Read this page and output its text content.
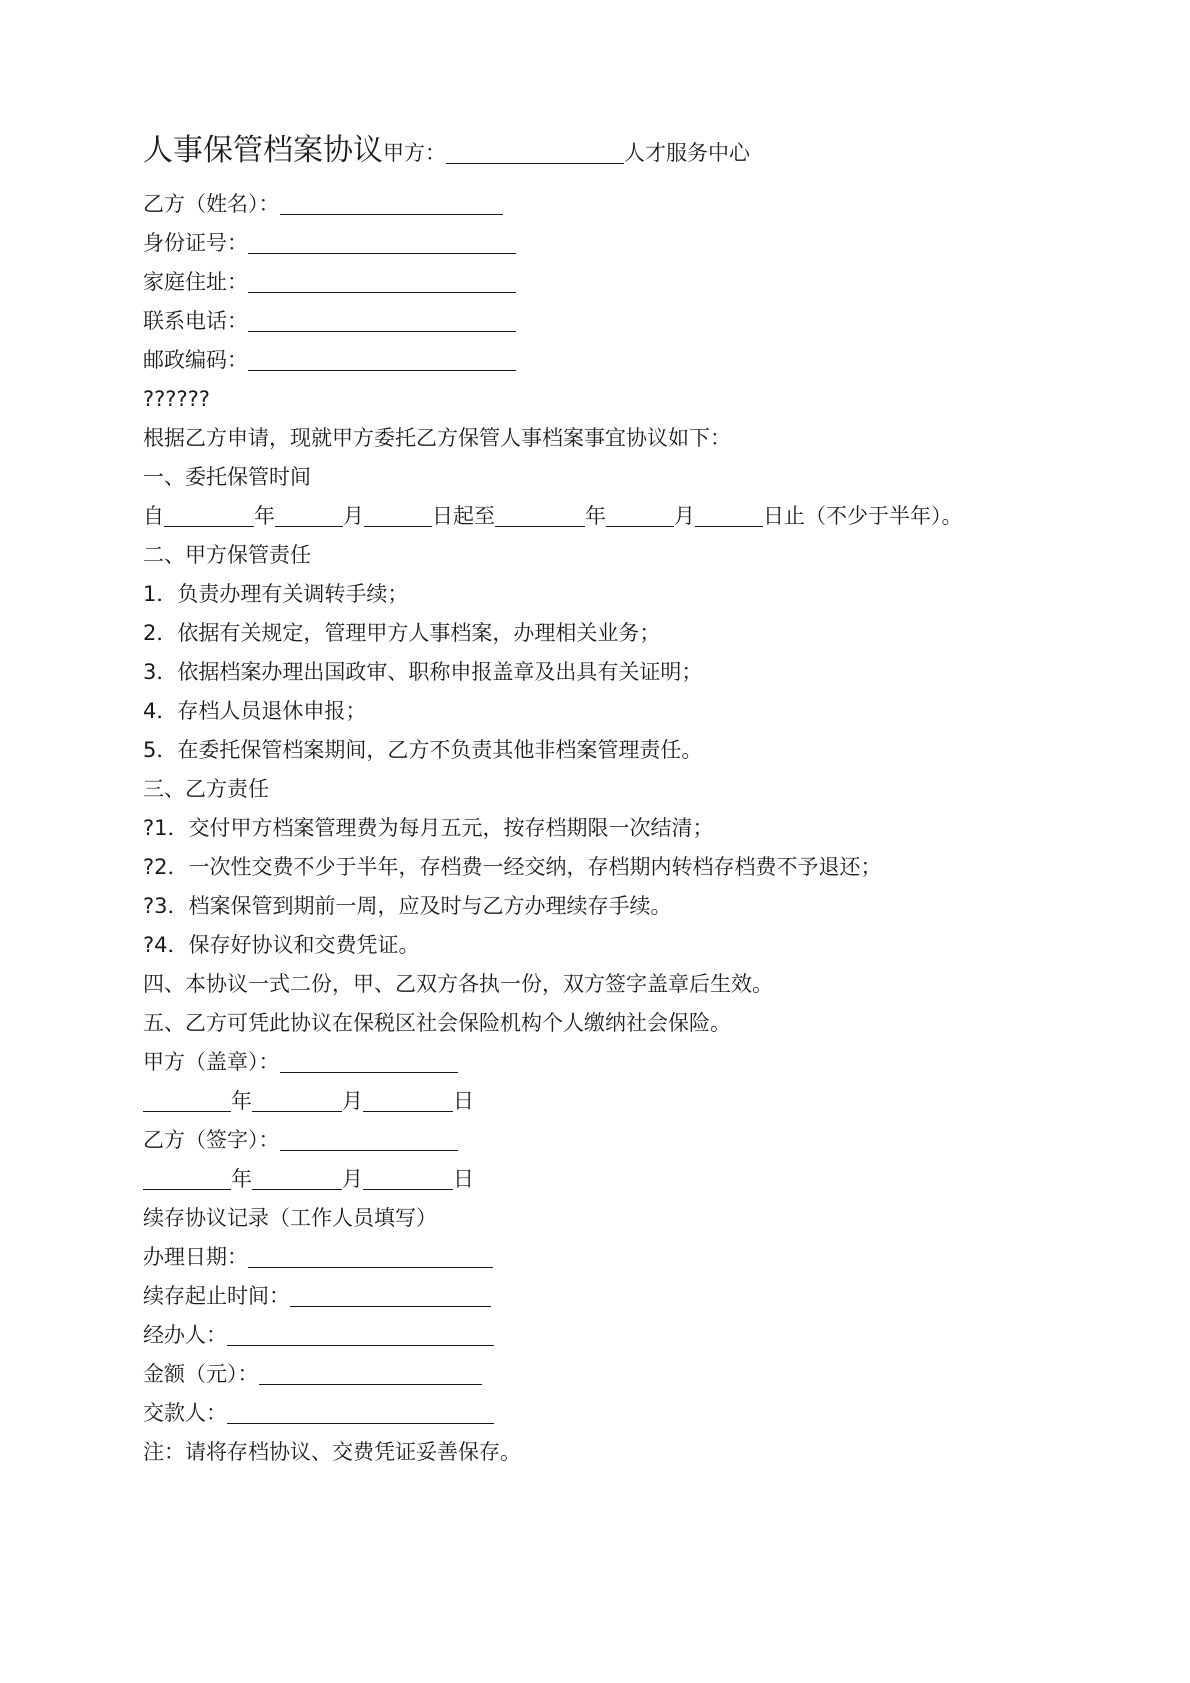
人事保管档案协议甲方：	人才服务中心
乙方（姓名）：
身份证号：
家庭住址：
联系电话：
邮政编码：
??????
根据乙方申请，现就甲方委托乙方保管人事档案事宜协议如下：
一、委托保管时间
自	年	月	日起至	年	月	日止（不少于半年）。
二、甲方保管责任
1．负责办理有关调转手续；
2．依据有关规定，管理甲方人事档案，办理相关业务；
3．依据档案办理出国政审、职称申报盖章及出具有关证明；
4．存档人员退休申报；
5．在委托保管档案期间，乙方不负责其他非档案管理责任。
三、乙方责任
?1．交付甲方档案管理费为每月五元，按存档期限一次结清；
?2．一次性交费不少于半年，存档费一经交纳，存档期内转档存档费不予退还；
?3．档案保管到期前一周，应及时与乙方办理续存手续。
?4．保存好协议和交费凭证。
四、本协议一式二份，甲、乙双方各执一份，双方签字盖章后生效。
五、乙方可凭此协议在保税区社会保险机构个人缴纳社会保险。
甲方（盖章）：
年	月	日
乙方（签字）：
年	月	日
续存协议记录（工作人员填写）
办理日期：
续存起止时间：
经办人：
金额（元）：
交款人：
注：请将存档协议、交费凭证妥善保存。
